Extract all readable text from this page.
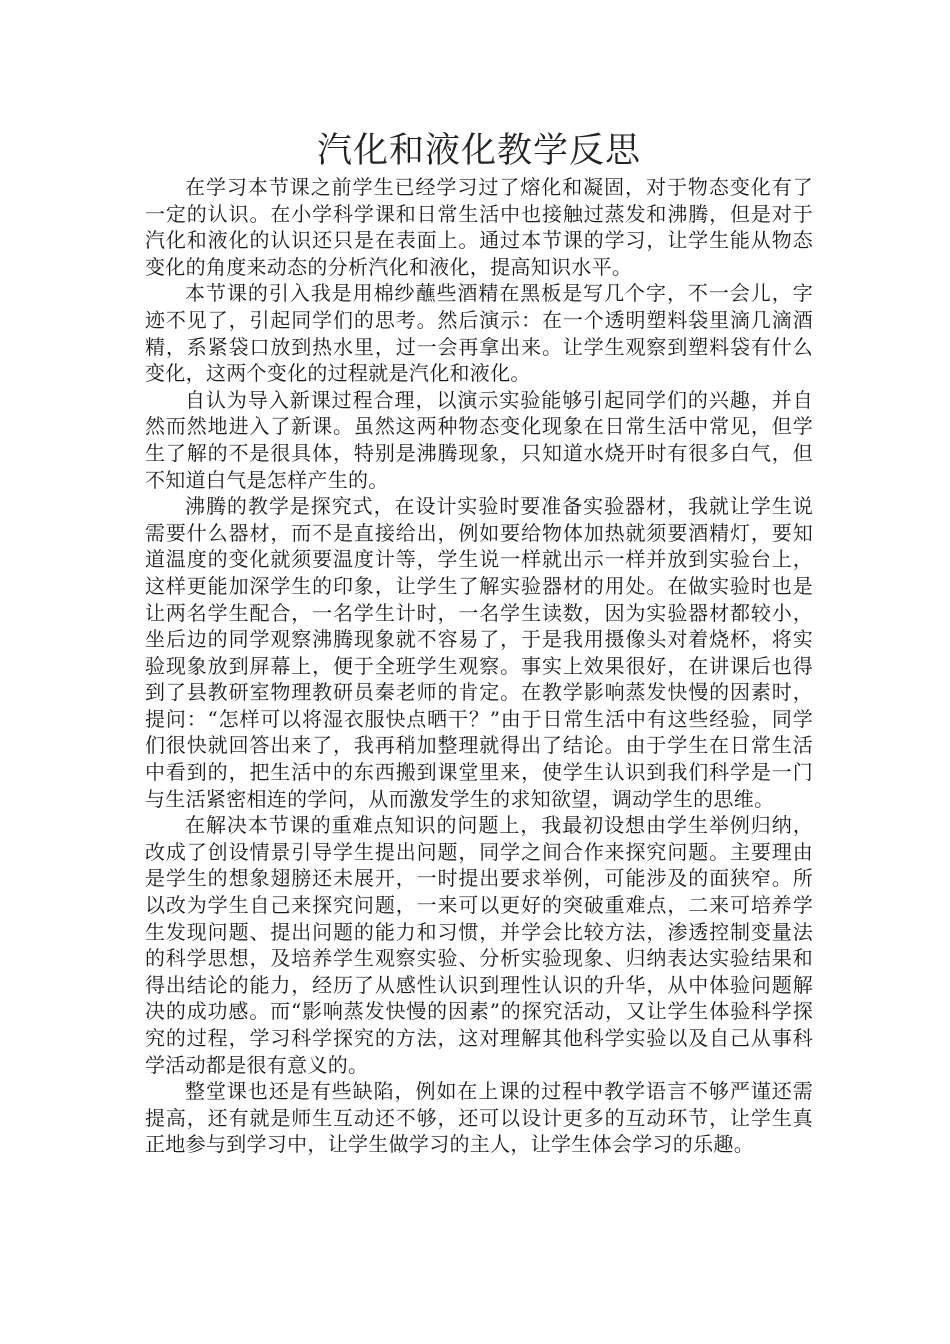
汽化和液化教学反思

在学习本节课之前学生已经学习过了熔化和凝固，对于物态变化有了一定的认识。在小学科学课和日常生活中也接触过蒸发和沸腾，但是对于汽化和液化的认识还只是在表面上。通过本节课的学习，让学生能从物态变化的角度来动态的分析汽化和液化，提高知识水平。

本节课的引入我是用棉纱蘸些酒精在黑板是写几个字，不一会儿，字迹不见了，引起同学们的思考。然后演示：在一个透明塑料袋里滴几滴酒精，系紧袋口放到热水里，过一会再拿出来。让学生观察到塑料袋有什么变化，这两个变化的过程就是汽化和液化。

自认为导入新课过程合理，以演示实验能够引起同学们的兴趣，并自然而然地进入了新课。虽然这两种物态变化现象在日常生活中常见，但学生了解的不是很具体，特别是沸腾现象，只知道水烧开时有很多白气，但不知道白气是怎样产生的。

沸腾的教学是探究式，在设计实验时要准备实验器材，我就让学生说需要什么器材，而不是直接给出，例如要给物体加热就须要酒精灯，要知道温度的变化就须要温度计等，学生说一样就出示一样并放到实验台上，这样更能加深学生的印象，让学生了解实验器材的用处。在做实验时也是让两名学生配合，一名学生计时，一名学生读数，因为实验器材都较小，坐后边的同学观察沸腾现象就不容易了，于是我用摄像头对着烧杯，将实验现象放到屏幕上，便于全班学生观察。事实上效果很好，在讲课后也得到了县教研室物理教研员秦老师的肯定。在教学影响蒸发快慢的因素时，提问：“怎样可以将湿衣服快点晒干？”由于日常生活中有这些经验，同学们很快就回答出来了，我再稍加整理就得出了结论。由于学生在日常生活中看到的，把生活中的东西搬到课堂里来，使学生认识到我们科学是一门与生活紧密相连的学问，从而激发学生的求知欲望，调动学生的思维。

在解决本节课的重难点知识的问题上，我最初设想由学生举例归纳，改成了创设情景引导学生提出问题，同学之间合作来探究问题。主要理由是学生的想象翅膀还未展开，一时提出要求举例，可能涉及的面狭窄。所以改为学生自己来探究问题，一来可以更好的突破重难点，二来可培养学生发现问题、提出问题的能力和习惯，并学会比较方法，渗透控制变量法的科学思想，及培养学生观察实验、分析实验现象、归纳表达实验结果和得出结论的能力，经历了从感性认识到理性认识的升华，从中体验问题解决的成功感。而“影响蒸发快慢的因素”的探究活动，又让学生体验科学探究的过程，学习科学探究的方法，这对理解其他科学实验以及自己从事科学活动都是很有意义的。

整堂课也还是有些缺陷，例如在上课的过程中教学语言不够严谨还需提高，还有就是师生互动还不够，还可以设计更多的互动环节，让学生真正地参与到学习中，让学生做学习的主人，让学生体会学习的乐趣。
